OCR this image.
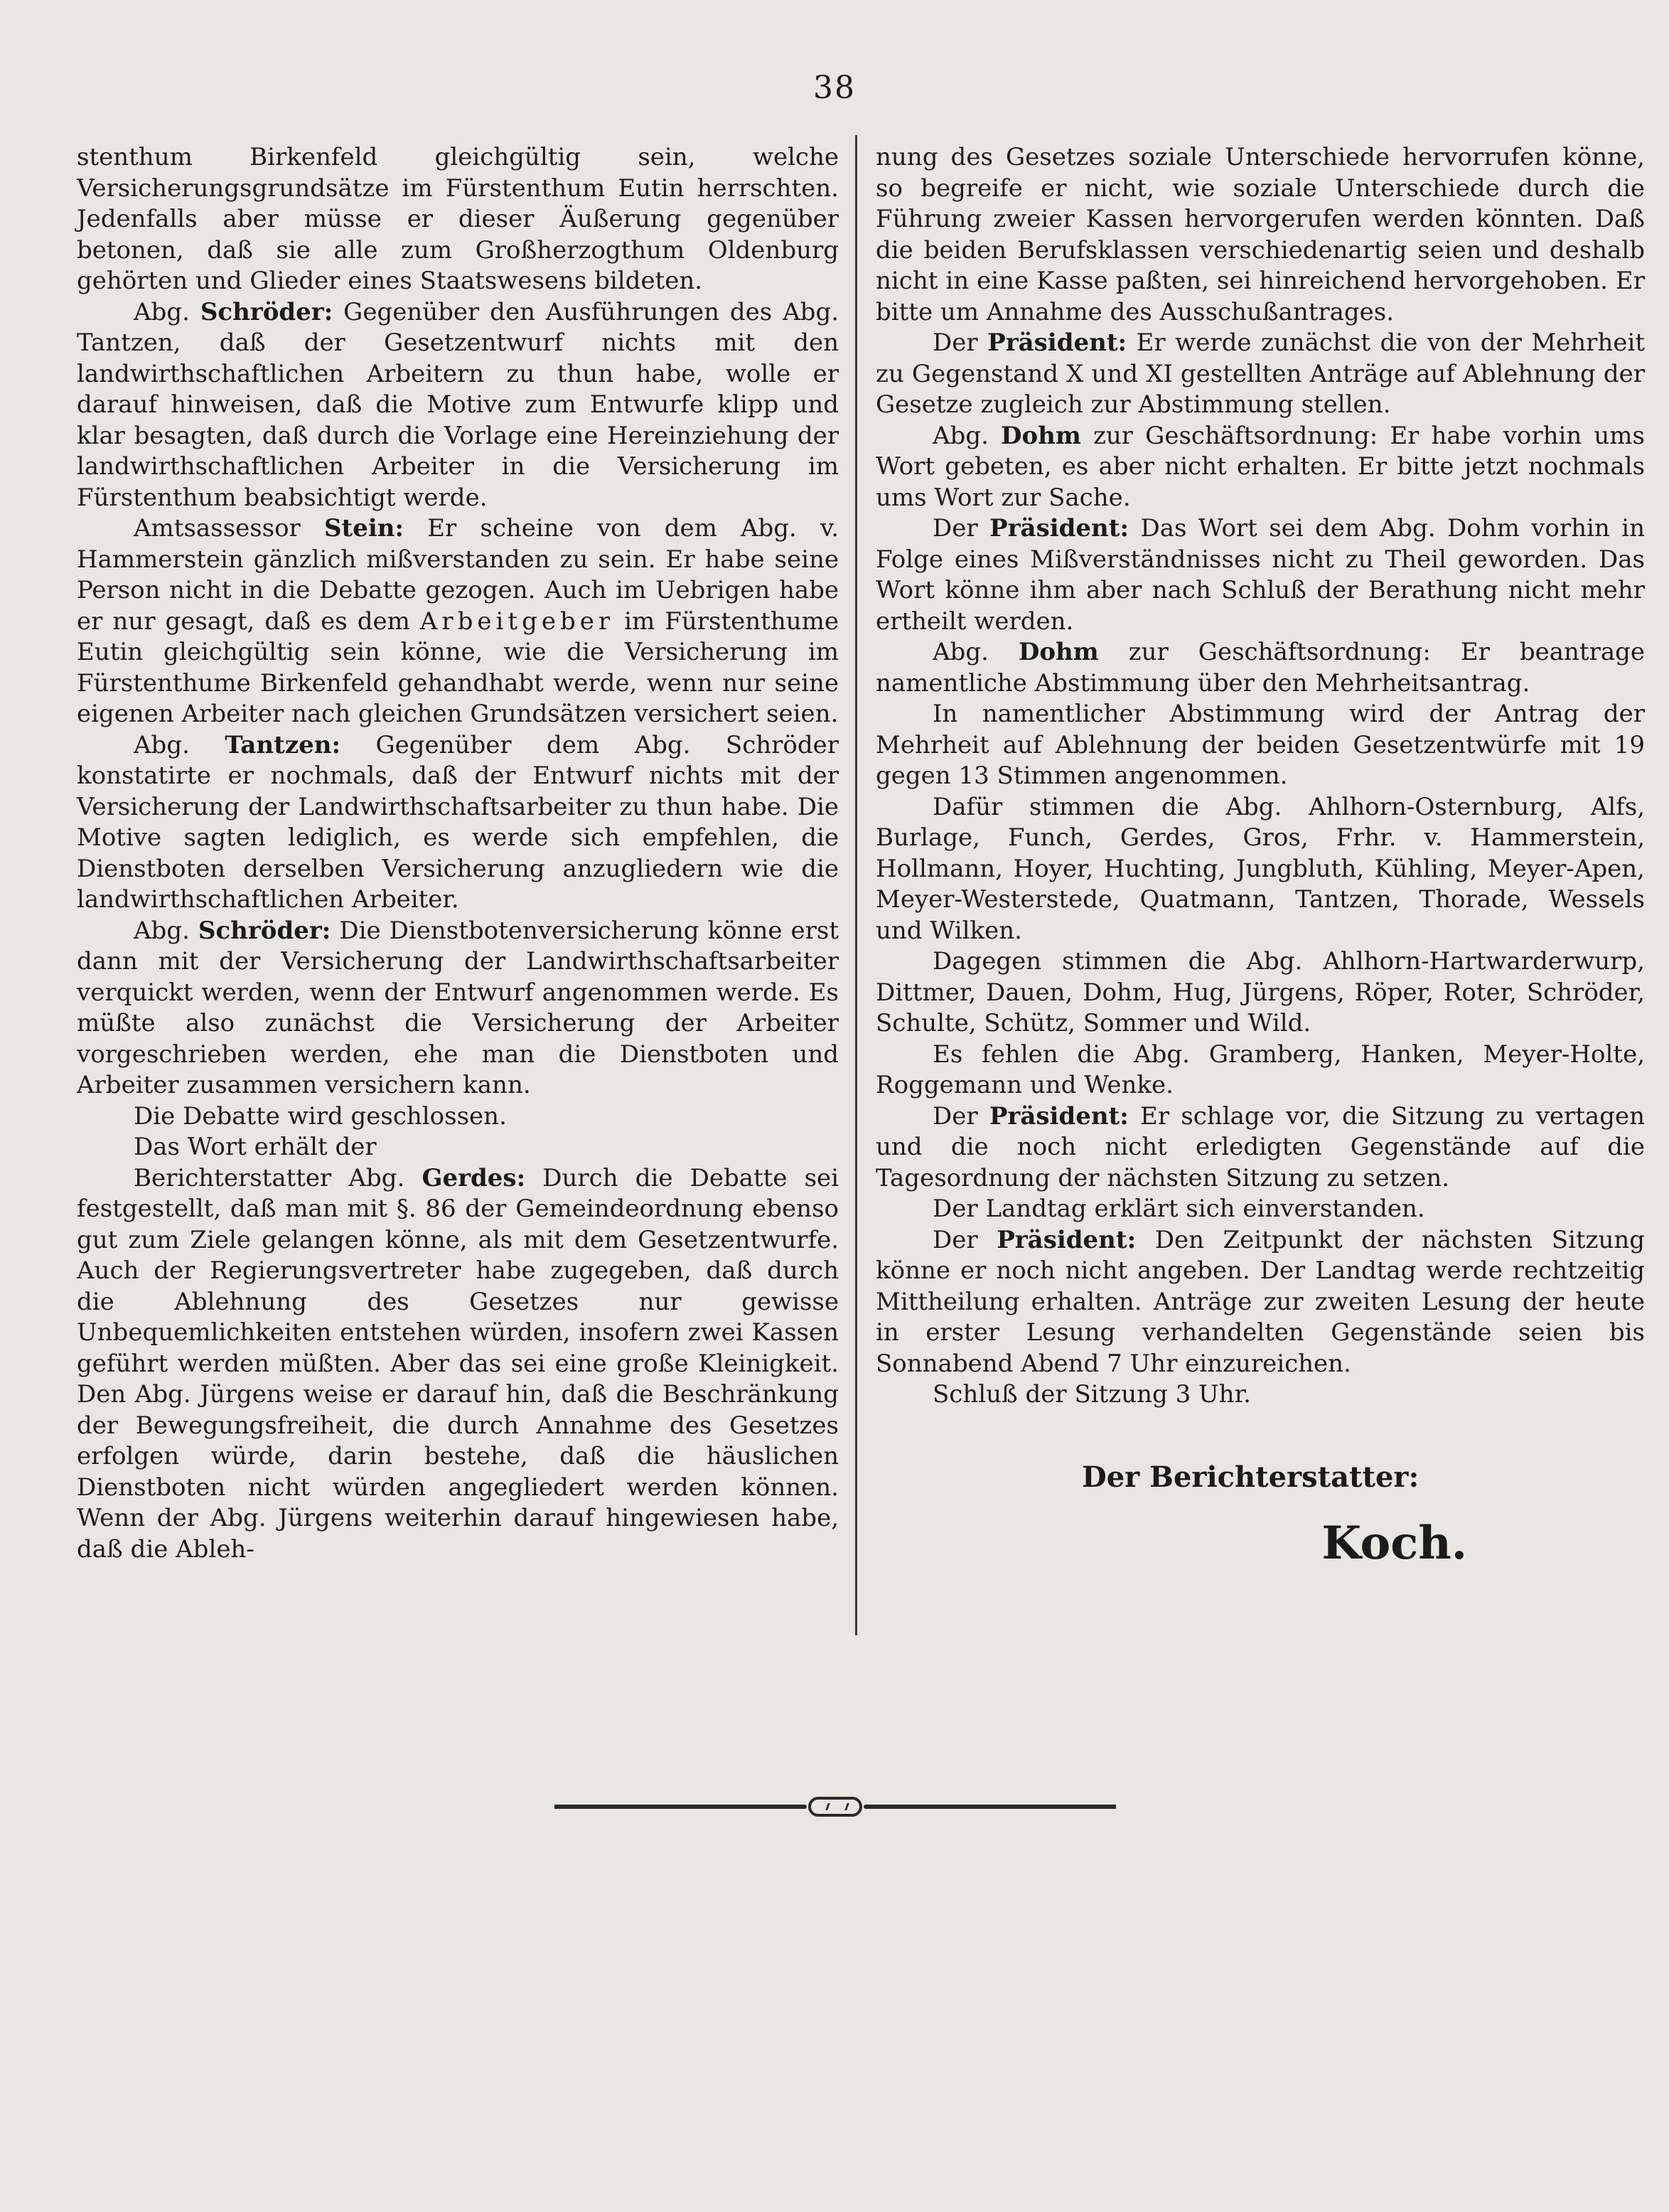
38

stenthum Birkenfeld gleichgültig sein, welche Versicherungsgrundsätze im Fürstenthum Eutin herrschten. Jedenfalls aber müsse er dieser Äußerung gegenüber betonen, daß sie alle zum Großherzogthum Oldenburg gehörten und Glieder eines Staatswesens bildeten.

Abg. Schröder: Gegenüber den Ausführungen des Abg. Tantzen, daß der Gesetzentwurf nichts mit den landwirthschaftlichen Arbeitern zu thun habe, wolle er darauf hinweisen, daß die Motive zum Entwurfe klipp und klar besagten, daß durch die Vorlage eine Hereinziehung der landwirthschaftlichen Arbeiter in die Versicherung im Fürstenthum beabsichtigt werde.

Amtsassessor Stein: Er scheine von dem Abg. v. Hammerstein gänzlich mißverstanden zu sein. Er habe seine Person nicht in die Debatte gezogen. Auch im Uebrigen habe er nur gesagt, daß es dem Arbeitgeber im Fürstenthume Eutin gleichgültig sein könne, wie die Versicherung im Fürstenthume Birkenfeld gehandhabt werde, wenn nur seine eigenen Arbeiter nach gleichen Grundsätzen versichert seien.

Abg. Tantzen: Gegenüber dem Abg. Schröder konstatirte er nochmals, daß der Entwurf nichts mit der Versicherung der Landwirthschaftsarbeiter zu thun habe. Die Motive sagten lediglich, es werde sich empfehlen, die Dienstboten derselben Versicherung anzugliedern wie die landwirthschaftlichen Arbeiter.

Abg. Schröder: Die Dienstbotenversicherung könne erst dann mit der Versicherung der Landwirthschaftsarbeiter verquickt werden, wenn der Entwurf angenommen werde. Es müßte also zunächst die Versicherung der Arbeiter vorgeschrieben werden, ehe man die Dienstboten und Arbeiter zusammen versichern kann.

Die Debatte wird geschlossen.

Das Wort erhält der

Berichterstatter Abg. Gerdes: Durch die Debatte sei festgestellt, daß man mit §. 86 der Gemeindeordnung ebenso gut zum Ziele gelangen könne, als mit dem Gesetzentwurfe. Auch der Regierungsvertreter habe zugegeben, daß durch die Ablehnung des Gesetzes nur gewisse Unbequemlichkeiten entstehen würden, insofern zwei Kassen geführt werden müßten. Aber das sei eine große Kleinigkeit. Den Abg. Jürgens weise er darauf hin, daß die Beschränkung der Bewegungsfreiheit, die durch Annahme des Gesetzes erfolgen würde, darin bestehe, daß die häuslichen Dienstboten nicht würden angegliedert werden können. Wenn der Abg. Jürgens weiterhin darauf hingewiesen habe, daß die Ableh-

nung des Gesetzes soziale Unterschiede hervorrufen könne, so begreife er nicht, wie soziale Unterschiede durch die Führung zweier Kassen hervorgerufen werden könnten. Daß die beiden Berufsklassen verschiedenartig seien und deshalb nicht in eine Kasse paßten, sei hinreichend hervorgehoben. Er bitte um Annahme des Ausschußantrages.

Der Präsident: Er werde zunächst die von der Mehrheit zu Gegenstand X und XI gestellten Anträge auf Ablehnung der Gesetze zugleich zur Abstimmung stellen.

Abg. Dohm zur Geschäftsordnung: Er habe vorhin ums Wort gebeten, es aber nicht erhalten. Er bitte jetzt nochmals ums Wort zur Sache.

Der Präsident: Das Wort sei dem Abg. Dohm vorhin in Folge eines Mißverständnisses nicht zu Theil geworden. Das Wort könne ihm aber nach Schluß der Berathung nicht mehr ertheilt werden.

Abg. Dohm zur Geschäftsordnung: Er beantrage namentliche Abstimmung über den Mehrheitsantrag.

In namentlicher Abstimmung wird der Antrag der Mehrheit auf Ablehnung der beiden Gesetzentwürfe mit 19 gegen 13 Stimmen angenommen.

Dafür stimmen die Abg. Ahlhorn-Osternburg, Alfs, Burlage, Funch, Gerdes, Gros, Frhr. v. Hammerstein, Hollmann, Hoyer, Huchting, Jungbluth, Kühling, Meyer-Apen, Meyer-Westerstede, Quatmann, Tantzen, Thorade, Wessels und Wilken.

Dagegen stimmen die Abg. Ahlhorn-Hartwarderwurp, Dittmer, Dauen, Dohm, Hug, Jürgens, Röper, Roter, Schröder, Schulte, Schütz, Sommer und Wild.

Es fehlen die Abg. Gramberg, Hanken, Meyer-Holte, Roggemann und Wenke.

Der Präsident: Er schlage vor, die Sitzung zu vertagen und die noch nicht erledigten Gegenstände auf die Tagesordnung der nächsten Sitzung zu setzen.

Der Landtag erklärt sich einverstanden.

Der Präsident: Den Zeitpunkt der nächsten Sitzung könne er noch nicht angeben. Der Landtag werde rechtzeitig Mittheilung erhalten. Anträge zur zweiten Lesung der heute in erster Lesung verhandelten Gegenstände seien bis Sonnabend Abend 7 Uhr einzureichen.

Schluß der Sitzung 3 Uhr.

Der Berichterstatter:
Koch.
